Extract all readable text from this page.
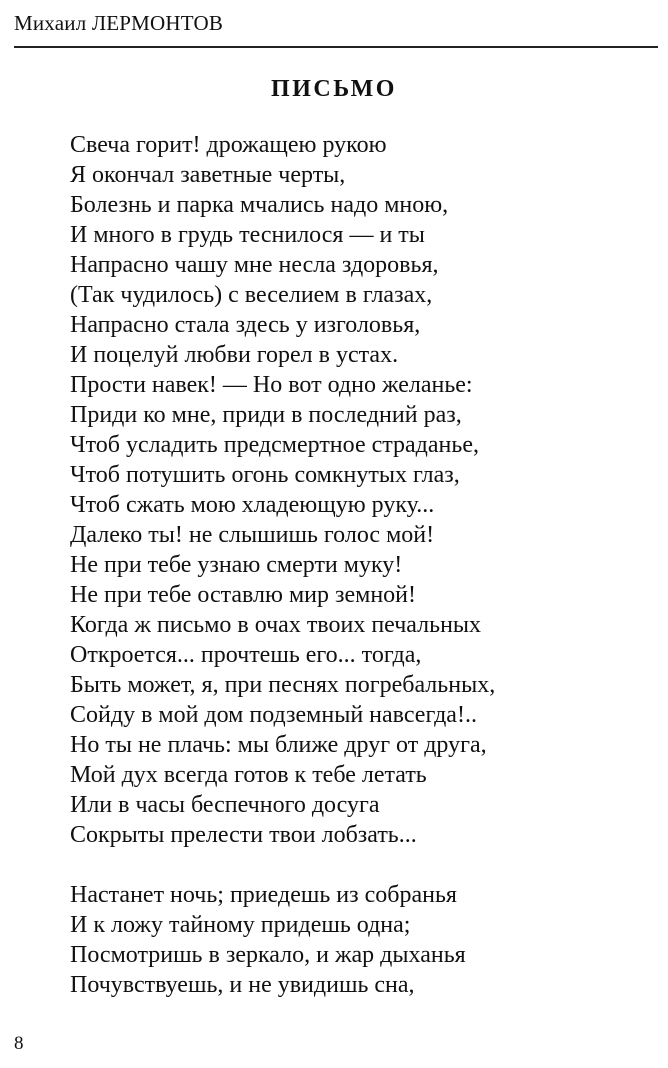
Михаил ЛЕРМОНТОВ
ПИСЬМО
Свеча горит! дрожащею рукою
Я окончал заветные черты,
Болезнь и парка мчались надо мною,
И много в грудь теснилося — и ты
Напрасно чашу мне несла здоровья,
(Так чудилось) с веселием в глазах,
Напрасно стала здесь у изголовья,
И поцелуй любви горел в устах.
Прости навек! — Но вот одно желанье:
Приди ко мне, приди в последний раз,
Чтоб усладить предсмертное страданье,
Чтоб потушить огонь сомкнутых глаз,
Чтоб сжать мою хладеющую руку...
Далеко ты! не слышишь голос мой!
Не при тебе узнаю смерти муку!
Не при тебе оставлю мир земной!
Когда ж письмо в очах твоих печальных
Откроется... прочтешь его... тогда,
Быть может, я, при песнях погребальных,
Сойду в мой дом подземный навсегда!..
Но ты не плачь: мы ближе друг от друга,
Мой дух всегда готов к тебе летать
Или в часы беспечного досуга
Сокрыты прелести твои лобзать...
Настанет ночь; приедешь из собранья
И к ложу тайному придешь одна;
Посмотришь в зеркало, и жар дыханья
Почувствуешь, и не увидишь сна,
8
